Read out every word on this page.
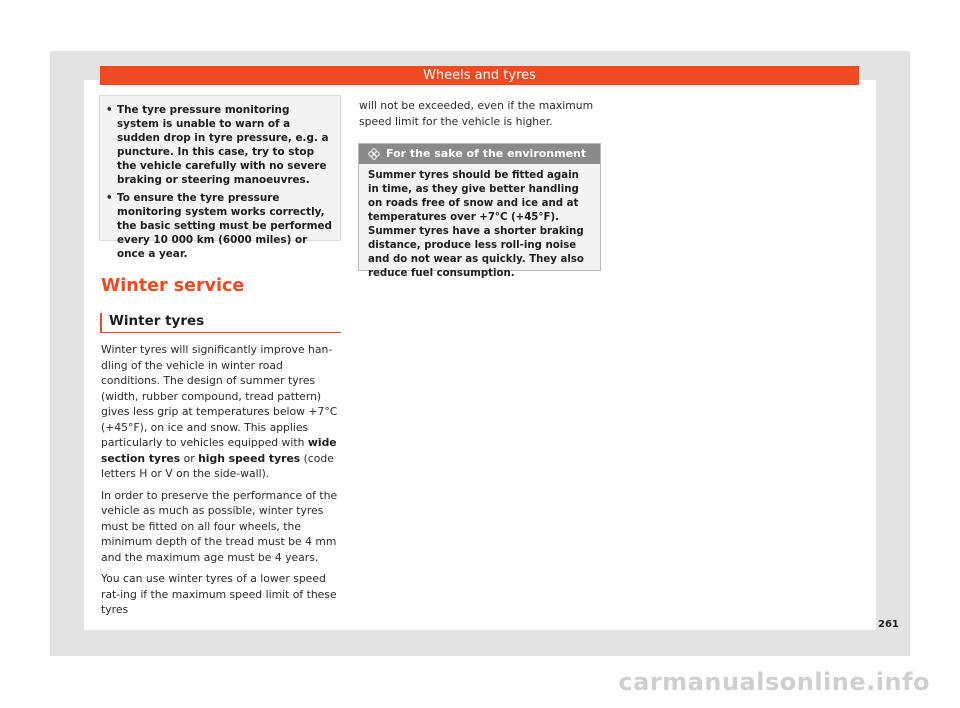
Wheels and tyres
• The tyre pressure monitoring system is unable to warn of a sudden drop in tyre pressure, e.g. a puncture. In this case, try to stop the vehicle carefully with no severe braking or steering manoeuvres.
• To ensure the tyre pressure monitoring system works correctly, the basic setting must be performed every 10 000 km (6000 miles) or once a year.
Winter service
Winter tyres

Winter tyres will significantly improve han-dling of the vehicle in winter road conditions. The design of summer tyres (width, rubber compound, tread pattern) gives less grip at temperatures below +7°C (+45°F), on ice and snow. This applies particularly to vehicles equipped with wide section tyres or high speed tyres (code letters H or V on the side-wall).

In order to preserve the performance of the vehicle as much as possible, winter tyres must be fitted on all four wheels, the minimum depth of the tread must be 4 mm and the maximum age must be 4 years.

You can use winter tyres of a lower speed rat-ing if the maximum speed limit of these tyres

will not be exceeded, even if the maximum speed limit for the vehicle is higher.

For the sake of the environment
Summer tyres should be fitted again in time, as they give better handling on roads free of snow and ice and at temperatures over +7°C (+45°F). Summer tyres have a shorter braking distance, produce less roll-ing noise and do not wear as quickly. They also reduce fuel consumption.
261
carmanualsonline.info
